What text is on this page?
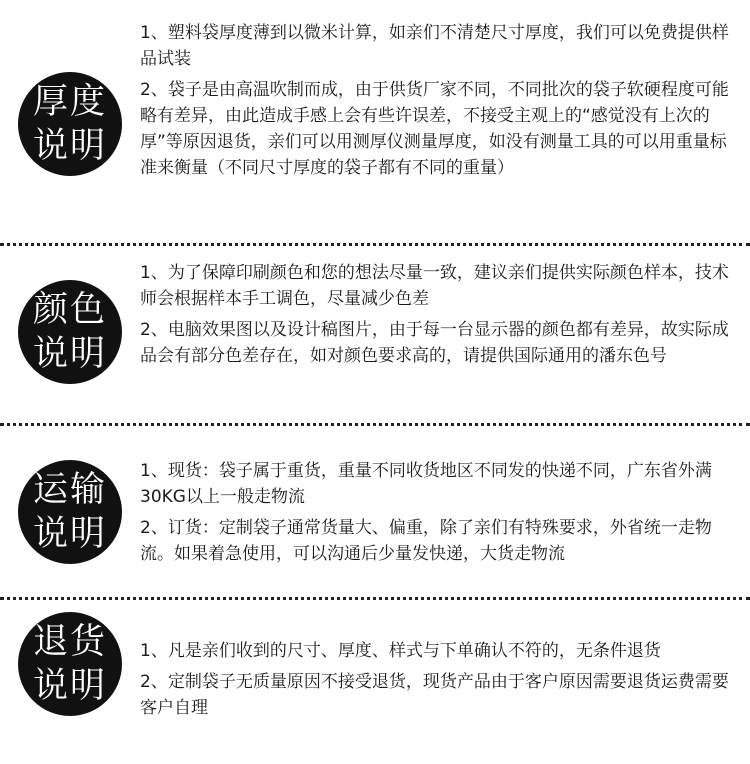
厚度
说明

1、塑料袋厚度薄到以微米计算，如亲们不清楚尺寸厚度，我们可以免费提供样品试装

2、袋子是由高温吹制而成，由于供货厂家不同，不同批次的袋子软硬程度可能略有差异，由此造成手感上会有些许误差，不接受主观上的“感觉没有上次的厚”等原因退货，亲们可以用测厚仪测量厚度，如没有测量工具的可以用重量标准来衡量（不同尺寸厚度的袋子都有不同的重量）

颜色
说明

1、为了保障印刷颜色和您的想法尽量一致，建议亲们提供实际颜色样本，技术师会根据样本手工调色，尽量减少色差

2、电脑效果图以及设计稿图片，由于每一台显示器的颜色都有差异，故实际成品会有部分色差存在，如对颜色要求高的，请提供国际通用的潘东色号

运输
说明

1、现货：袋子属于重货，重量不同收货地区不同发的快递不同，广东省外满30KG以上一般走物流

2、订货：定制袋子通常货量大、偏重，除了亲们有特殊要求，外省统一走物流。如果着急使用，可以沟通后少量发快递，大货走物流

退货
说明

1、凡是亲们收到的尺寸、厚度、样式与下单确认不符的，无条件退货

2、定制袋子无质量原因不接受退货，现货产品由于客户原因需要退货运费需要客户自理
